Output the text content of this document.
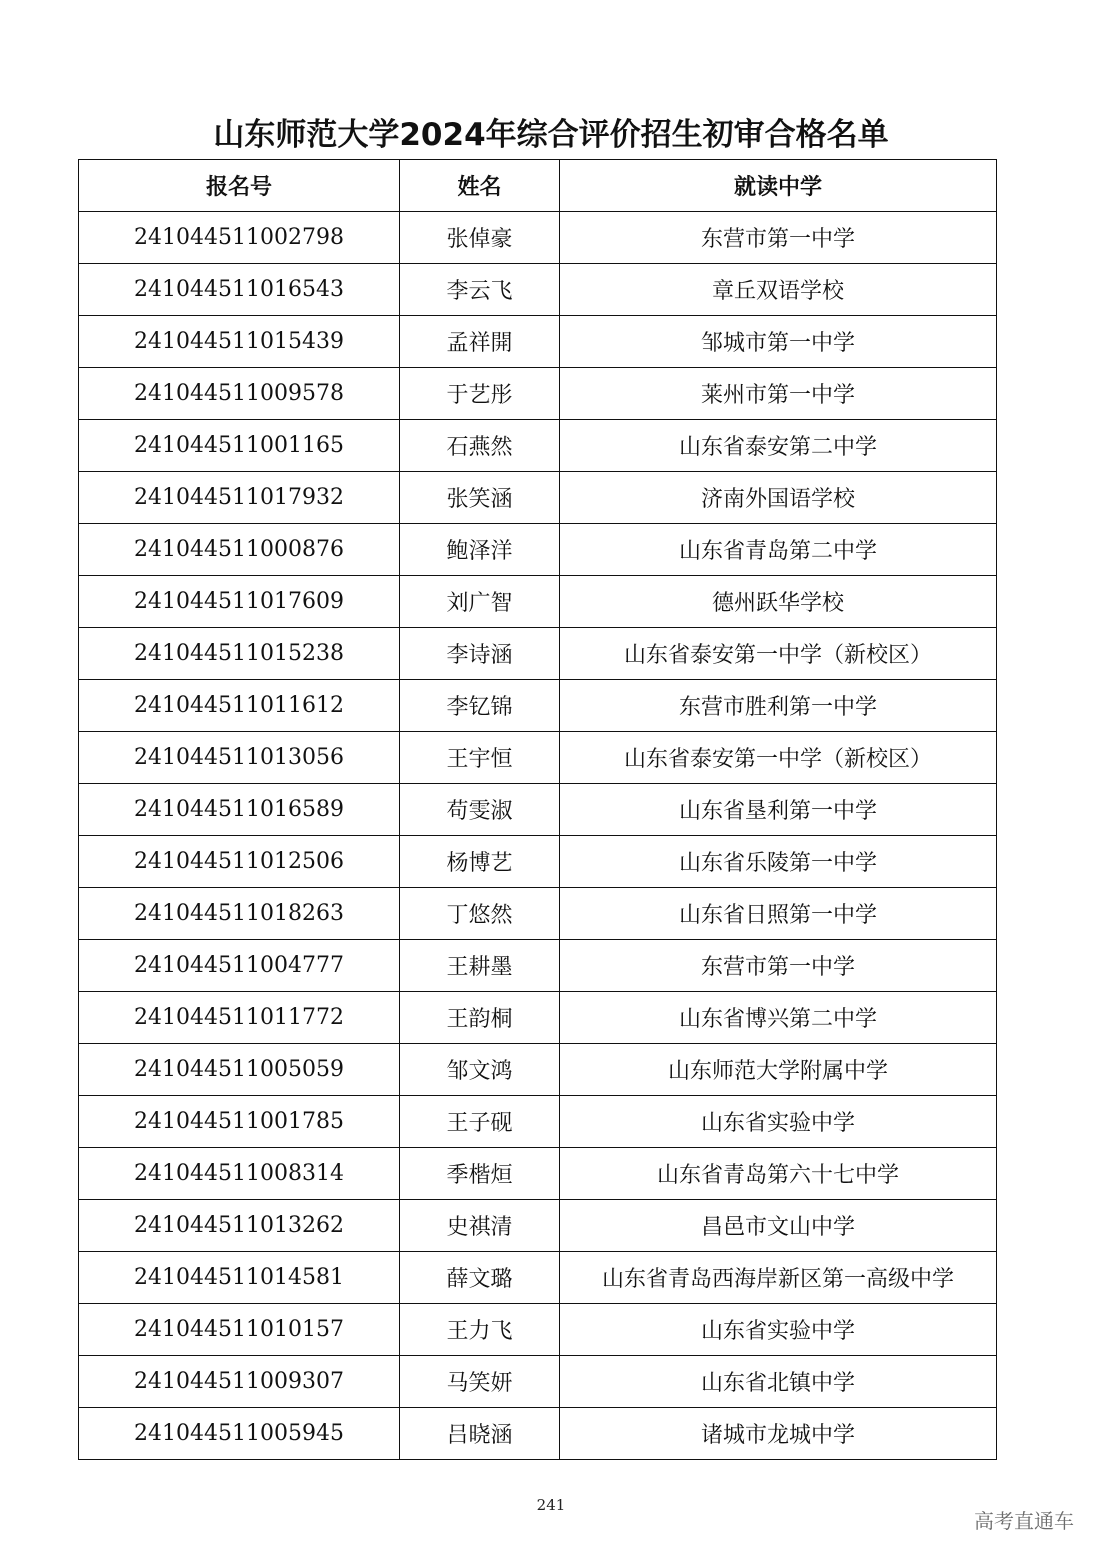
山东师范大学2024年综合评价招生初审合格名单
报名号	姓名	就读中学
241044511002798	张倬豪	东营市第一中学
241044511016543	李云飞	章丘双语学校
241044511015439	孟祥開	邹城市第一中学
241044511009578	于艺彤	莱州市第一中学
241044511001165	石燕然	山东省泰安第二中学
241044511017932	张笑涵	济南外国语学校
241044511000876	鲍泽洋	山东省青岛第二中学
241044511017609	刘广智	德州跃华学校
241044511015238	李诗涵	山东省泰安第一中学（新校区）
241044511011612	李钇锦	东营市胜利第一中学
241044511013056	王宇恒	山东省泰安第一中学（新校区）
241044511016589	苟雯淑	山东省垦利第一中学
241044511012506	杨博艺	山东省乐陵第一中学
241044511018263	丁悠然	山东省日照第一中学
241044511004777	王耕墨	东营市第一中学
241044511011772	王韵桐	山东省博兴第二中学
241044511005059	邹文鸿	山东师范大学附属中学
241044511001785	王子砚	山东省实验中学
241044511008314	季楷烜	山东省青岛第六十七中学
241044511013262	史祺清	昌邑市文山中学
241044511014581	薛文璐	山东省青岛西海岸新区第一高级中学
241044511010157	王力飞	山东省实验中学
241044511009307	马笑妍	山东省北镇中学
241044511005945	吕晓涵	诸城市龙城中学
241
高考直通车
